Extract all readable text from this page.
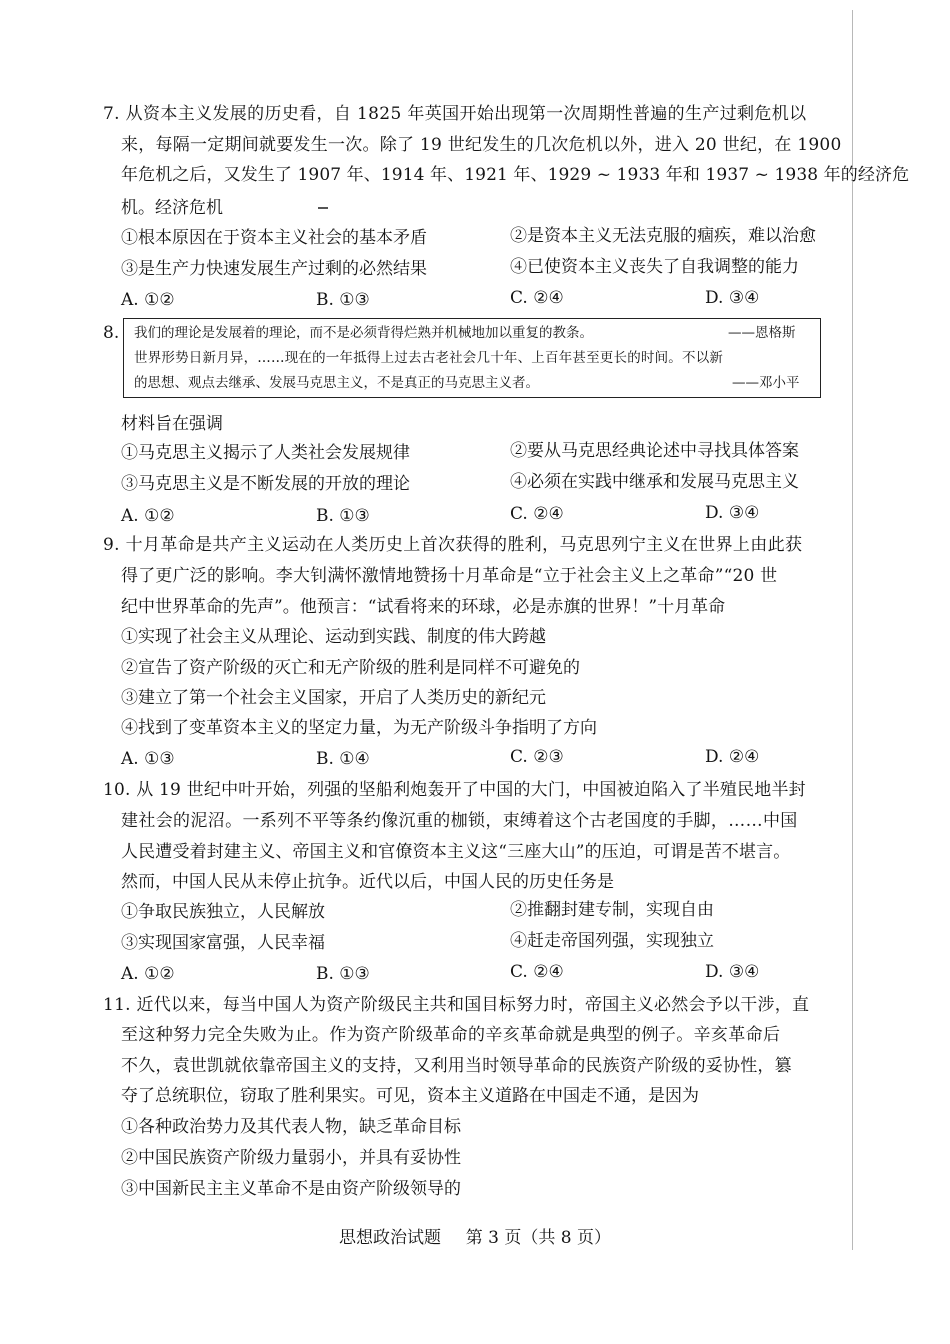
7. 从资本主义发展的历史看，自 1825 年英国开始出现第一次周期性普遍的生产过剩危机以
来，每隔一定期间就要发生一次。除了 19 世纪发生的几次危机以外，进入 20 世纪，在 1900
年危机之后，又发生了 1907 年、1914 年、1921 年、1929 ~ 1933 年和 1937 ~ 1938 年的经济危
机。经济危机
①根本原因在于资本主义社会的基本矛盾	②是资本主义无法克服的痼疾，难以治愈
③是生产力快速发展生产过剩的必然结果	④已使资本主义丧失了自我调整的能力
A. ①②	B. ①③	C. ②④	D. ③④
8. 我们的理论是发展着的理论，而不是必须背得烂熟并机械地加以重复的教条。	——恩格斯
世界形势日新月异，……现在的一年抵得上过去古老社会几十年、上百年甚至更长的时间。不以新
的思想、观点去继承、发展马克思主义，不是真正的马克思主义者。	——邓小平
材料旨在强调
①马克思主义揭示了人类社会发展规律	②要从马克思经典论述中寻找具体答案
③马克思主义是不断发展的开放的理论	④必须在实践中继承和发展马克思主义
A. ①②	B. ①③	C. ②④	D. ③④
9. 十月革命是共产主义运动在人类历史上首次获得的胜利，马克思列宁主义在世界上由此获
得了更广泛的影响。李大钊满怀激情地赞扬十月革命是“立于社会主义上之革命”“20 世
纪中世界革命的先声”。他预言：“试看将来的环球，必是赤旗的世界！”十月革命
①实现了社会主义从理论、运动到实践、制度的伟大跨越
②宣告了资产阶级的灭亡和无产阶级的胜利是同样不可避免的
③建立了第一个社会主义国家，开启了人类历史的新纪元
④找到了变革资本主义的坚定力量，为无产阶级斗争指明了方向
A. ①③	B. ①④	C. ②③	D. ②④
10. 从 19 世纪中叶开始，列强的坚船利炮轰开了中国的大门，中国被迫陷入了半殖民地半封
建社会的泥沼。一系列不平等条约像沉重的枷锁，束缚着这个古老国度的手脚，……中国
人民遭受着封建主义、帝国主义和官僚资本主义这“三座大山”的压迫，可谓是苦不堪言。
然而，中国人民从未停止抗争。近代以后，中国人民的历史任务是
①争取民族独立，人民解放	②推翻封建专制，实现自由
③实现国家富强，人民幸福	④赶走帝国列强，实现独立
A. ①②	B. ①③	C. ②④	D. ③④
11. 近代以来，每当中国人为资产阶级民主共和国目标努力时，帝国主义必然会予以干涉，直
至这种努力完全失败为止。作为资产阶级革命的辛亥革命就是典型的例子。辛亥革命后
不久，袁世凯就依靠帝国主义的支持，又利用当时领导革命的民族资产阶级的妥协性，篡
夺了总统职位，窃取了胜利果实。可见，资本主义道路在中国走不通，是因为
①各种政治势力及其代表人物，缺乏革命目标
②中国民族资产阶级力量弱小，并具有妥协性
③中国新民主主义革命不是由资产阶级领导的
思想政治试题 第 3 页（共 8 页）
